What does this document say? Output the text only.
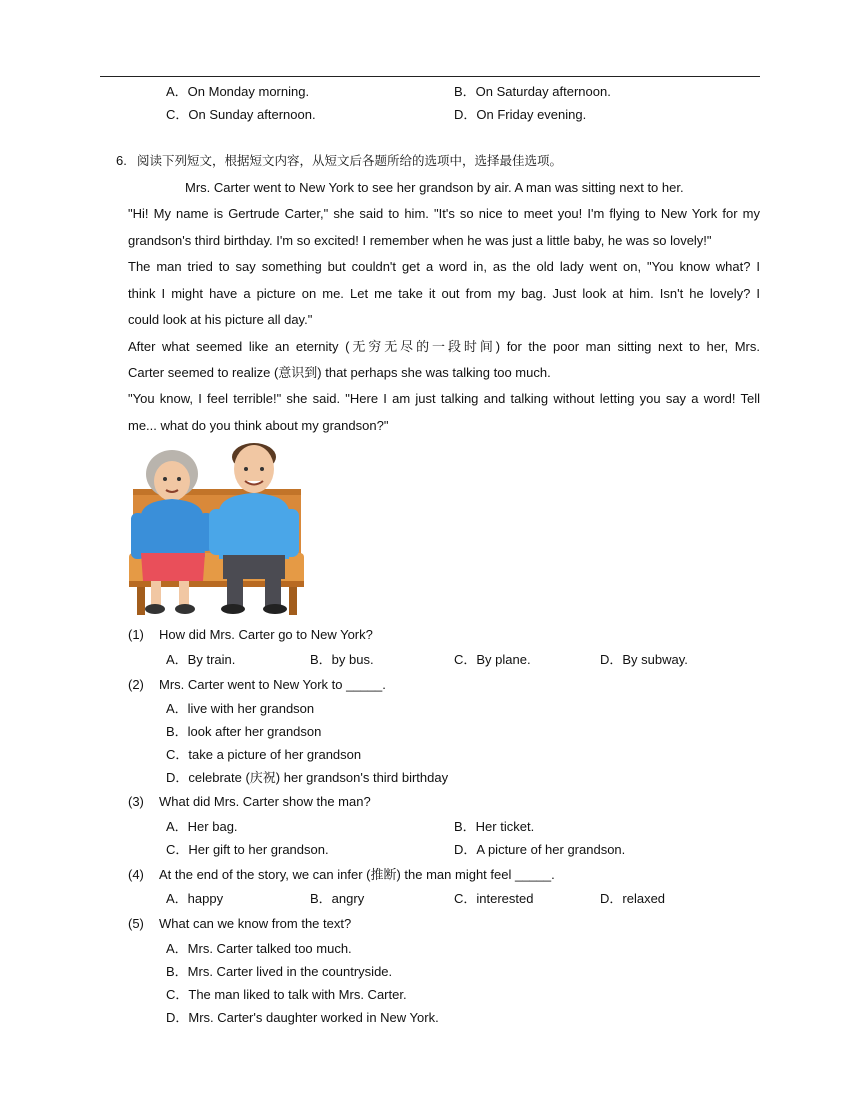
A．On Monday morning.	B．On Saturday afternoon.
C．On Sunday afternoon.	D．On Friday evening.
6. 阅读下列短文，根据短文内容，从短文后各题所给的选项中，选择最佳选项。
Mrs. Carter went to New York to see her grandson by air. A man was sitting next to her.
"Hi! My name is Gertrude Carter," she said to him. "It's so nice to meet you! I'm flying to New York for my
grandson's third birthday. I'm so excited! I remember when he was just a little baby, he was so lovely!"
The man tried to say something but couldn't get a word in, as the old lady went on, "You know what? I
think I might have a picture on me. Let me take it out from my bag. Just look at him. Isn't he lovely? I
could look at his picture all day."
After what seemed like an eternity (无穷无尽的一段时间) for the poor man sitting next to her, Mrs.
Carter seemed to realize (意识到) that perhaps she was talking too much.
"You know, I feel terrible!" she said. "Here I am just talking and talking without letting you say a word! Tell
me... what do you think about my grandson?"
(1) How did Mrs. Carter go to New York?
A．By train.	B．by bus.	C．By plane.	D．By subway.
(2) Mrs. Carter went to New York to _____.
A．live with her grandson
B．look after her grandson
C．take a picture of her grandson
D．celebrate (庆祝) her grandson's third birthday
(3) What did Mrs. Carter show the man?
A．Her bag.	B．Her ticket.
C．Her gift to her grandson.	D．A picture of her grandson.
(4) At the end of the story, we can infer (推断) the man might feel _____.
A．happy	B．angry	C．interested	D．relaxed
(5) What can we know from the text?
A．Mrs. Carter talked too much.
B．Mrs. Carter lived in the countryside.
C．The man liked to talk with Mrs. Carter.
D．Mrs. Carter's daughter worked in New York.
